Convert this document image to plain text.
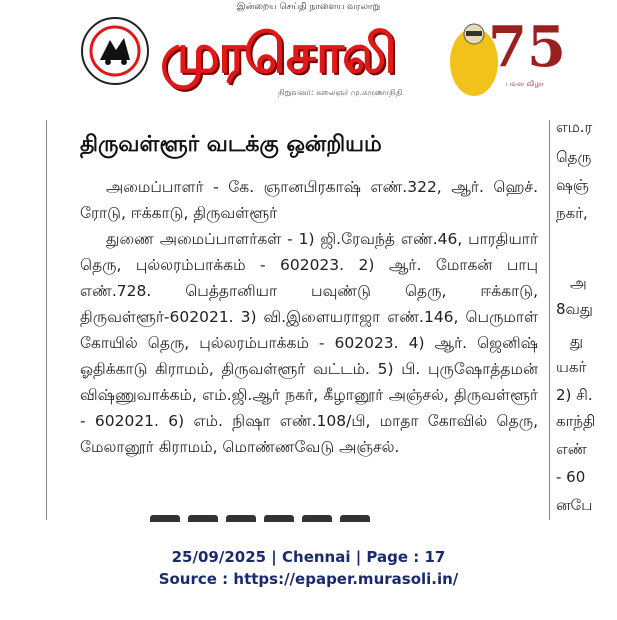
இன்றைய செய்தி நாளைய வரலாறு
முரசொலி
நிறுவனர்: கலைஞர் மு.கருணாநிதி
75
பவள விழா
திருவள்ளூர் வடக்கு ஒன்றியம்

அமைப்பாளர் - கே. ஞானபிரகாஷ் எண்.322, ஆர். ஹெச். ரோடு, ஈக்காடு, திருவள்ளூர்

துணை அமைப்பாளர்கள் - 1) ஜி.ரேவந்த் எண்.46, பாரதியார் தெரு, புல்லரம்பாக்கம் - 602023. 2) ஆர். மோகன் பாபு எண்.728. பெத்தானியா பவுண்டு தெரு, ஈக்காடு, திருவள்ளூர்-602021. 3) வி.இளையராஜா எண்.146, பெருமாள் கோயில் தெரு, புல்லரம்பாக்கம் - 602023. 4) ஆர். ஜெனிஷ் ஓதிக்காடு கிராமம், திருவள்ளூர் வட்டம். 5) பி. புருஷோத்தமன் விஷ்ணுவாக்கம், எம்.ஜி.ஆர் நகர், கீழானூர் அஞ்சல், திருவள்ளூர் - 602021. 6) எம். நிஷா எண்.108/பி, மாதா கோவில் தெரு, மேலானூர் கிராமம், மொண்ணவேடு அஞ்சல்.

எம.ர
தெரு
ஷஞ்
நகர்,
அ
8வது
து
யகர்
2) சி.
காந்தி
எண்
- 60
னபே
25/09/2025 | Chennai | Page : 17
Source : https://epaper.murasoli.in/
